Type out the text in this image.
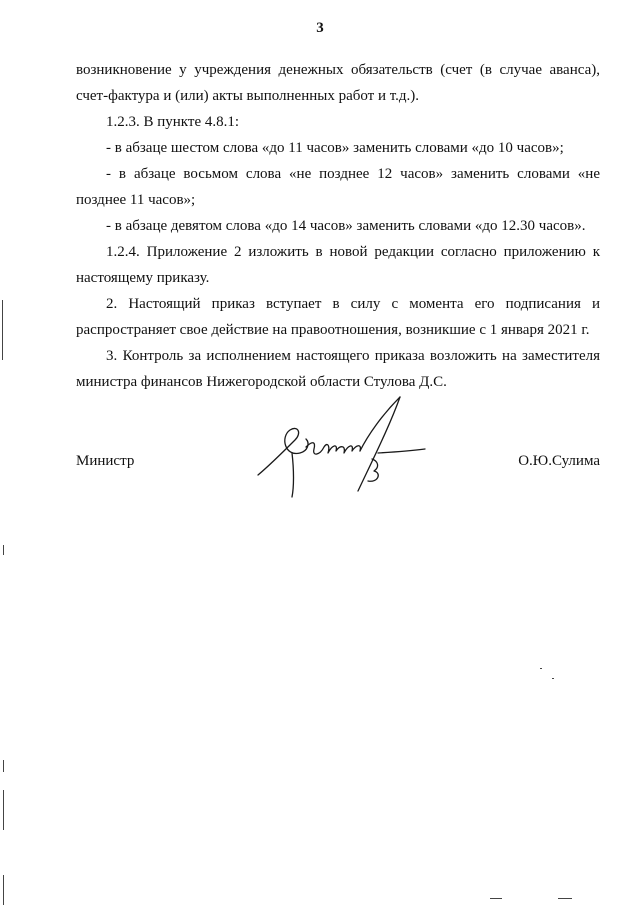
3

возникновение у учреждения денежных обязательств (счет (в случае аванса), счет-фактура и (или) акты выполненных работ и т.д.).

1.2.3. В пункте 4.8.1:

- в абзаце шестом слова «до 11 часов» заменить словами «до 10 часов»;

- в абзаце восьмом слова «не позднее 12 часов» заменить словами «не позднее 11 часов»;

- в абзаце девятом слова «до 14 часов» заменить словами «до 12.30 часов».

1.2.4. Приложение 2 изложить в новой редакции согласно приложению к настоящему приказу.

2. Настоящий приказ вступает в силу с момента его подписания и распространяет свое действие на правоотношения, возникшие с 1 января 2021 г.

3. Контроль за исполнением настоящего приказа возложить на заместителя министра финансов Нижегородской области Стулова Д.С.

Министр	О.Ю.Сулима
